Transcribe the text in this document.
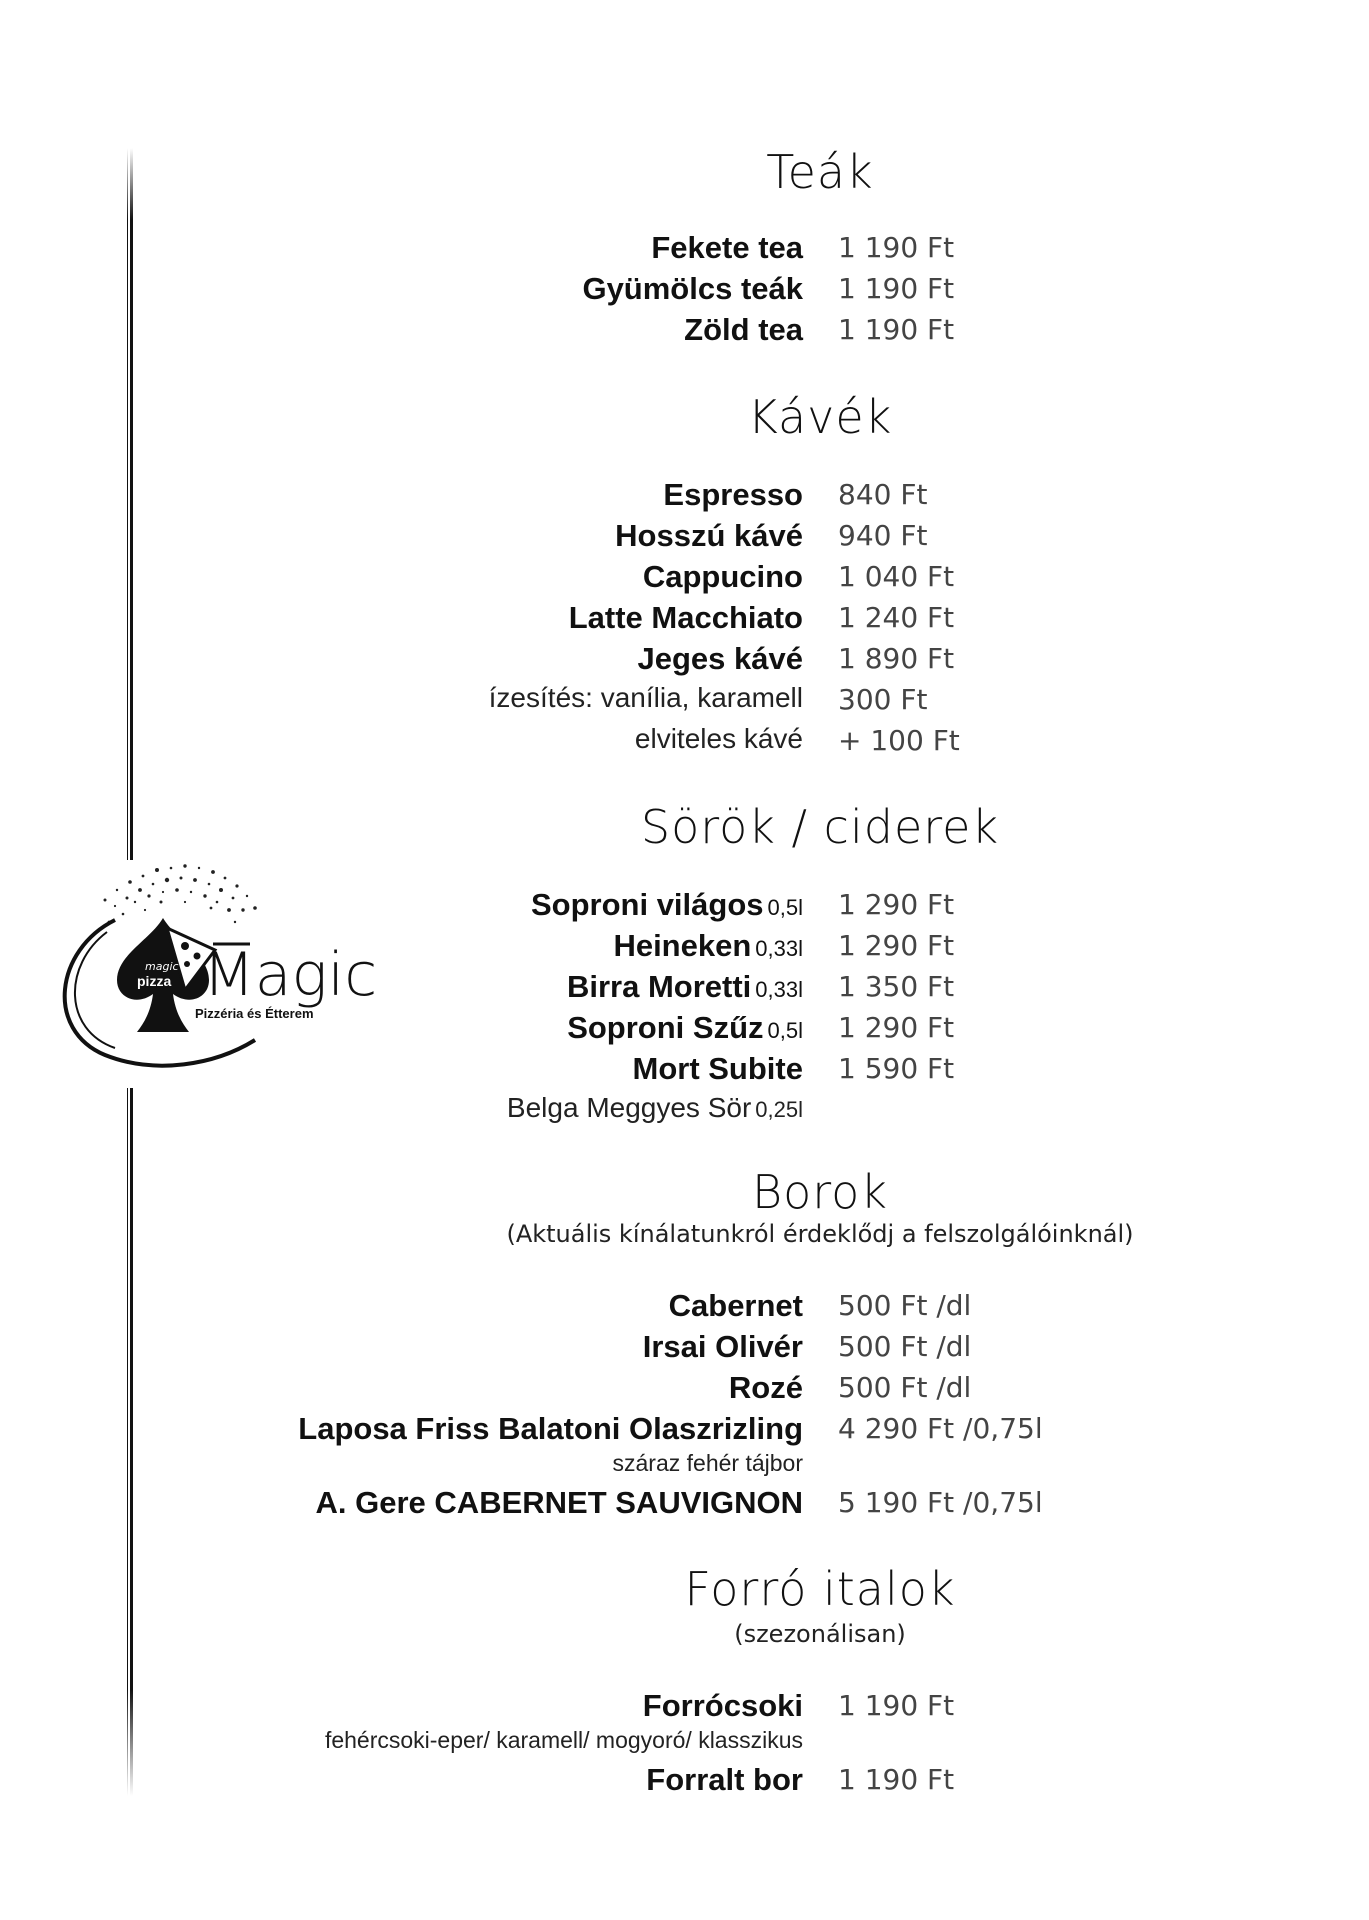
magic
pizza Magic
Pizzéria és Étterem
Teák
Fekete tea 1 190 Ft
Gyümölcs teák 1 190 Ft
Zöld tea 1 190 Ft
Kávék
Espresso 840 Ft
Hosszú kávé 940 Ft
Cappucino 1 040 Ft
Latte Macchiato 1 240 Ft
Jeges kávé 1 890 Ft
ízesítés: vanília, karamell 300 Ft
elviteles kávé + 100 Ft
Sörök / ciderek
Soproni világos 0,5l 1 290 Ft
Heineken 0,33l 1 290 Ft
Birra Moretti 0,33l 1 350 Ft
Soproni Szűz 0,5l 1 290 Ft
Mort Subite 1 590 Ft
Belga Meggyes Sör 0,25l
Borok
(Aktuális kínálatunkról érdeklődj a felszolgálóinknál)
Cabernet 500 Ft /dl
Irsai Olivér 500 Ft /dl
Rozé 500 Ft /dl
Laposa Friss Balatoni Olaszrizling 4 290 Ft /0,75l
száraz fehér tájbor
A. Gere CABERNET SAUVIGNON 5 190 Ft /0,75l
Forró italok
(szezonálisan)
Forrócsoki 1 190 Ft
fehércsoki-eper/ karamell/ mogyoró/ klasszikus
Forralt bor 1 190 Ft
